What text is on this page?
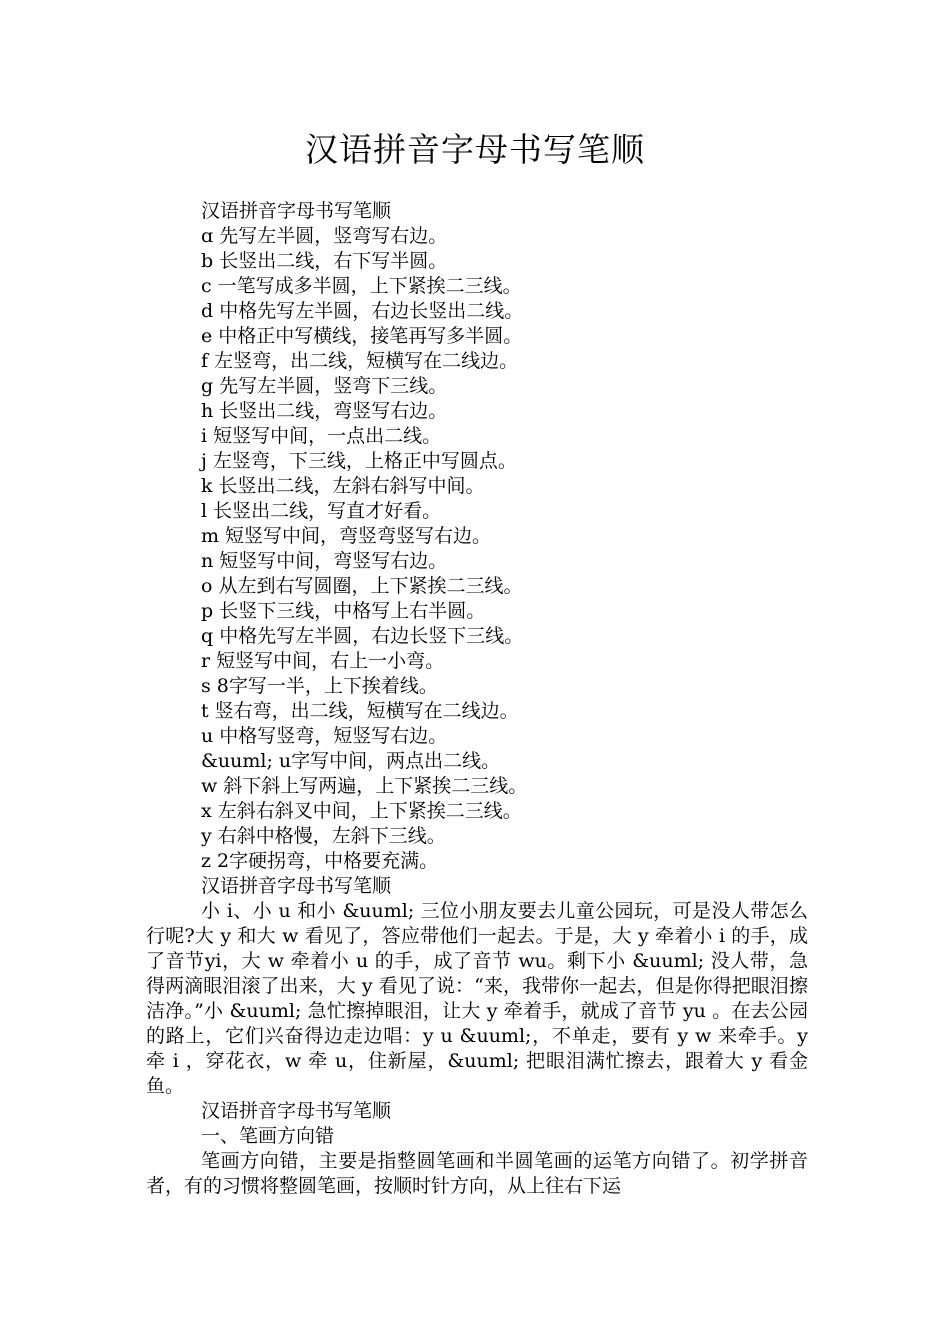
汉语拼音字母书写笔顺
汉语拼音字母书写笔顺
ɑ 先写左半圆，竖弯写右边。
b 长竖出二线，右下写半圆。
c 一笔写成多半圆，上下紧挨二三线。
d 中格先写左半圆，右边长竖出二线。
e 中格正中写横线，接笔再写多半圆。
f 左竖弯，出二线，短横写在二线边。
g 先写左半圆，竖弯下三线。
h 长竖出二线，弯竖写右边。
i 短竖写中间，一点出二线。
j 左竖弯，下三线，上格正中写圆点。
k 长竖出二线，左斜右斜写中间。
l 长竖出二线，写直才好看。
m 短竖写中间，弯竖弯竖写右边。
n 短竖写中间，弯竖写右边。
o 从左到右写圆圈，上下紧挨二三线。
p 长竖下三线，中格写上右半圆。
q 中格先写左半圆，右边长竖下三线。
r 短竖写中间，右上一小弯。
s 8字写一半，上下挨着线。
t 竖右弯，出二线，短横写在二线边。
u 中格写竖弯，短竖写右边。
&uuml; u字写中间，两点出二线。
w 斜下斜上写两遍，上下紧挨二三线。
x 左斜右斜叉中间，上下紧挨二三线。
y 右斜中格慢，左斜下三线。
z 2字硬拐弯，中格要充满。
汉语拼音字母书写笔顺
小 i、小 u 和小 &uuml; 三位小朋友要去儿童公园玩，可是没人带怎么行呢?大 y 和大 w 看见了，答应带他们一起去。于是，大 y 牵着小 i 的手，成了音节yi，大 w 牵着小 u 的手，成了音节 wu。剩下小 &uuml; 没人带，急得两滴眼泪滚了出来，大 y 看见了说：“来，我带你一起去，但是你得把眼泪擦洁净。”小 &uuml; 急忙擦掉眼泪，让大 y 牵着手，就成了音节 yu 。在去公园的路上，它们兴奋得边走边唱：y u &uuml;，不单走，要有 y w 来牵手。y 牵 i ，穿花衣，w 牵 u，住新屋，&uuml; 把眼泪满忙擦去，跟着大 y 看金鱼。
汉语拼音字母书写笔顺
一、笔画方向错
笔画方向错，主要是指整圆笔画和半圆笔画的运笔方向错了。初学拼音者，有的习惯将整圆笔画，按顺时针方向，从上往右下运
